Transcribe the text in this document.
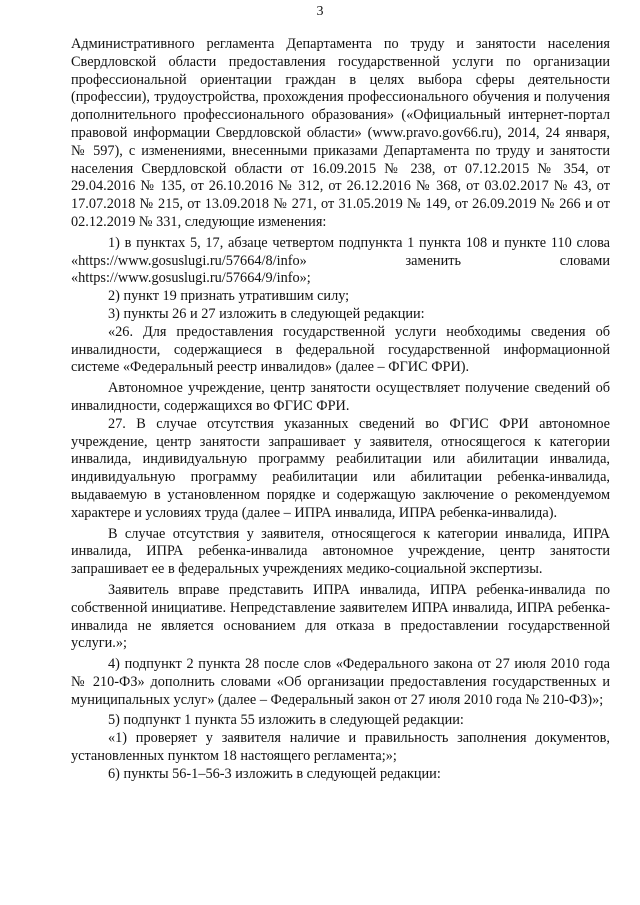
3

Административного регламента Департамента по труду и занятости населения Свердловской области предоставления государственной услуги по организации профессиональной ориентации граждан в целях выбора сферы деятельности (профессии), трудоустройства, прохождения профессионального обучения и получения дополнительного профессионального образования» («Официальный интернет-портал правовой информации Свердловской области» (www.pravo.gov66.ru), 2014, 24 января, № 597), с изменениями, внесенными приказами Департамента по труду и занятости населения Свердловской области от 16.09.2015 № 238, от 07.12.2015 № 354, от 29.04.2016 № 135, от 26.10.2016 № 312, от 26.12.2016 № 368, от 03.02.2017 № 43, от 17.07.2018 № 215, от 13.09.2018 № 271, от 31.05.2019 № 149, от 26.09.2019 № 266 и от 02.12.2019 № 331, следующие изменения:

1) в пунктах 5, 17, абзаце четвертом подпункта 1 пункта 108 и пункте 110 слова «https://www.gosuslugi.ru/57664/8/info» заменить словами «https://www.gosuslugi.ru/57664/9/info»;

2) пункт 19 признать утратившим силу;

3) пункты 26 и 27 изложить в следующей редакции:

«26. Для предоставления государственной услуги необходимы сведения об инвалидности, содержащиеся в федеральной государственной информационной системе «Федеральный реестр инвалидов» (далее – ФГИС ФРИ).

Автономное учреждение, центр занятости осуществляет получение сведений об инвалидности, содержащихся во ФГИС ФРИ.

27. В случае отсутствия указанных сведений во ФГИС ФРИ автономное учреждение, центр занятости запрашивает у заявителя, относящегося к категории инвалида, индивидуальную программу реабилитации или абилитации инвалида, индивидуальную программу реабилитации или абилитации ребенка-инвалида, выдаваемую в установленном порядке и содержащую заключение о рекомендуемом характере и условиях труда (далее – ИПРА инвалида, ИПРА ребенка-инвалида).

В случае отсутствия у заявителя, относящегося к категории инвалида, ИПРА инвалида, ИПРА ребенка-инвалида автономное учреждение, центр занятости запрашивает ее в федеральных учреждениях медико-социальной экспертизы.

Заявитель вправе представить ИПРА инвалида, ИПРА ребенка-инвалида по собственной инициативе. Непредставление заявителем ИПРА инвалида, ИПРА ребенка-инвалида не является основанием для отказа в предоставлении государственной услуги.»;

4) подпункт 2 пункта 28 после слов «Федерального закона от 27 июля 2010 года № 210-ФЗ» дополнить словами «Об организации предоставления государственных и муниципальных услуг» (далее – Федеральный закон от 27 июля 2010 года № 210-ФЗ)»;

5) подпункт 1 пункта 55 изложить в следующей редакции:

«1) проверяет у заявителя наличие и правильность заполнения документов, установленных пунктом 18 настоящего регламента;»;

6) пункты 56-1–56-3 изложить в следующей редакции:
